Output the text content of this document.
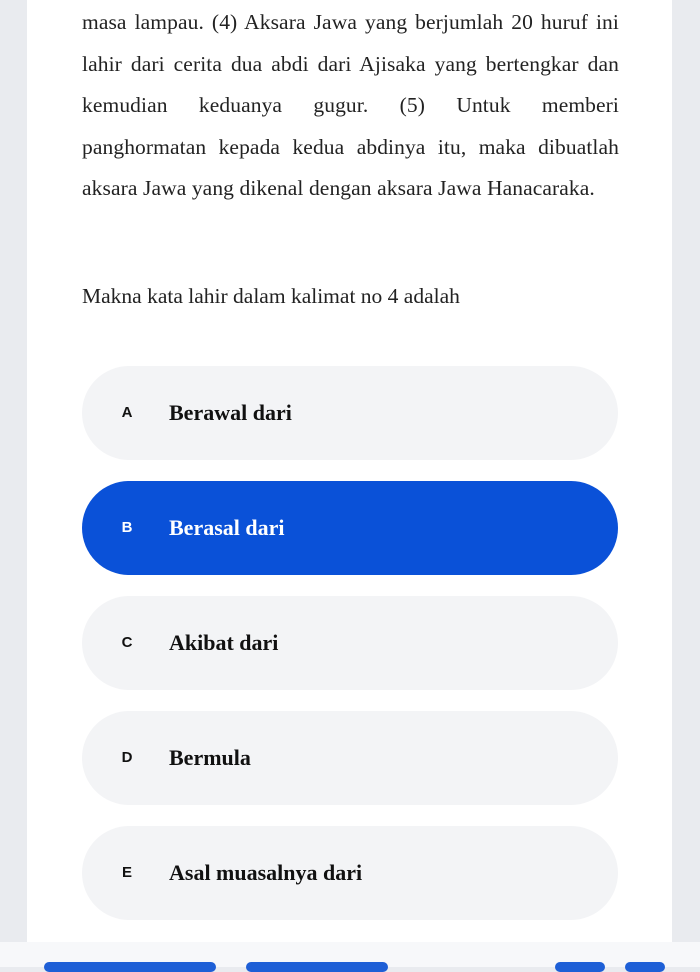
masa lampau. (4) Aksara Jawa yang berjumlah 20 huruf ini lahir dari cerita dua abdi dari Ajisaka yang bertengkar dan kemudian keduanya gugur. (5) Untuk memberi panghormatan kepada kedua abdinya itu, maka dibuatlah aksara Jawa yang dikenal dengan aksara Jawa Hanacaraka.

Makna kata lahir dalam kalimat no 4 adalah

A Berawal dari
B Berasal dari
C Akibat dari
D Bermula
E Asal muasalnya dari
